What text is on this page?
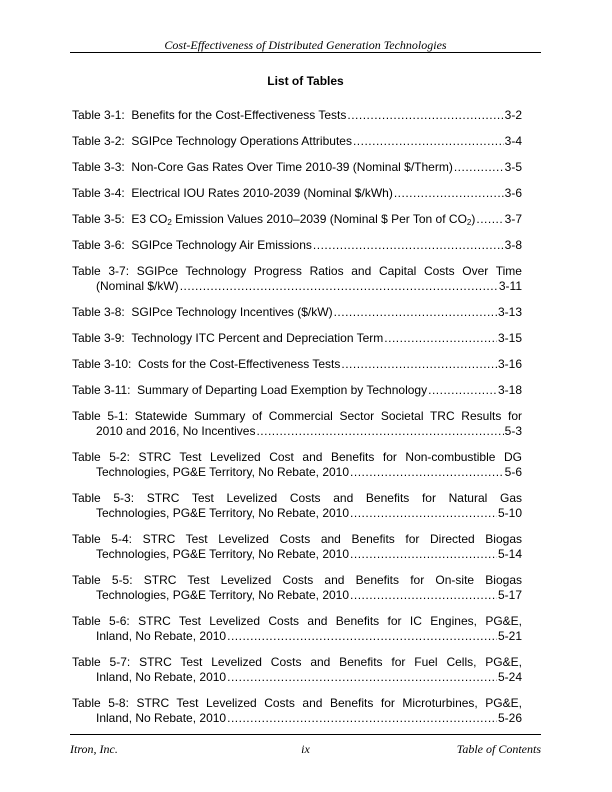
Cost-Effectiveness of Distributed Generation Technologies
List of Tables
Table 3-1:  Benefits for the Cost-Effectiveness Tests .....	3-2
Table 3-2:  SGIPce Technology Operations Attributes .....	3-4
Table 3-3:  Non-Core Gas Rates Over Time 2010-39 (Nominal $/Therm) .....	3-5
Table 3-4:  Electrical IOU Rates 2010-2039 (Nominal $/kWh) .....	3-6
Table 3-5:  E3 $CO_2$ Emission Values 2010–2039 (Nominal $ Per Ton of $CO_2$) ..... 3-7
Table 3-6:  SGIPce Technology Air Emissions .....	3-8
Table 3-7: SGIPce Technology Progress Ratios and Capital Costs Over Time
(Nominal $/kW) .....	3-11
Table 3-8:  SGIPce Technology Incentives ($/kW) .....	3-13
Table 3-9:  Technology ITC Percent and Depreciation Term .....	3-15
Table 3-10:  Costs for the Cost-Effectiveness Tests .....	3-16
Table 3-11:  Summary of Departing Load Exemption by Technology .....	3-18
Table 5-1: Statewide Summary of Commercial Sector Societal TRC Results for
2010 and 2016, No Incentives .....	5-3
Table 5-2: STRC Test Levelized Cost and Benefits for Non-combustible DG
Technologies, PG&E Territory, No Rebate, 2010 .....	5-6
Table 5-3: STRC Test Levelized Costs and Benefits for Natural Gas
Technologies, PG&E Territory, No Rebate, 2010 .....	5-10
Table 5-4: STRC Test Levelized Costs and Benefits for Directed Biogas
Technologies, PG&E Territory, No Rebate, 2010 .....	5-14
Table 5-5: STRC Test Levelized Costs and Benefits for On-site Biogas
Technologies, PG&E Territory, No Rebate, 2010 .....	5-17
Table 5-6: STRC Test Levelized Costs and Benefits for IC Engines, PG&E,
Inland, No Rebate, 2010 .....	5-21
Table 5-7: STRC Test Levelized Costs and Benefits for Fuel Cells, PG&E,
Inland, No Rebate, 2010 .....	5-24
Table 5-8: STRC Test Levelized Costs and Benefits for Microturbines, PG&E,
Inland, No Rebate, 2010 .....	5-26
Itron, Inc.	ix	Table of Contents
